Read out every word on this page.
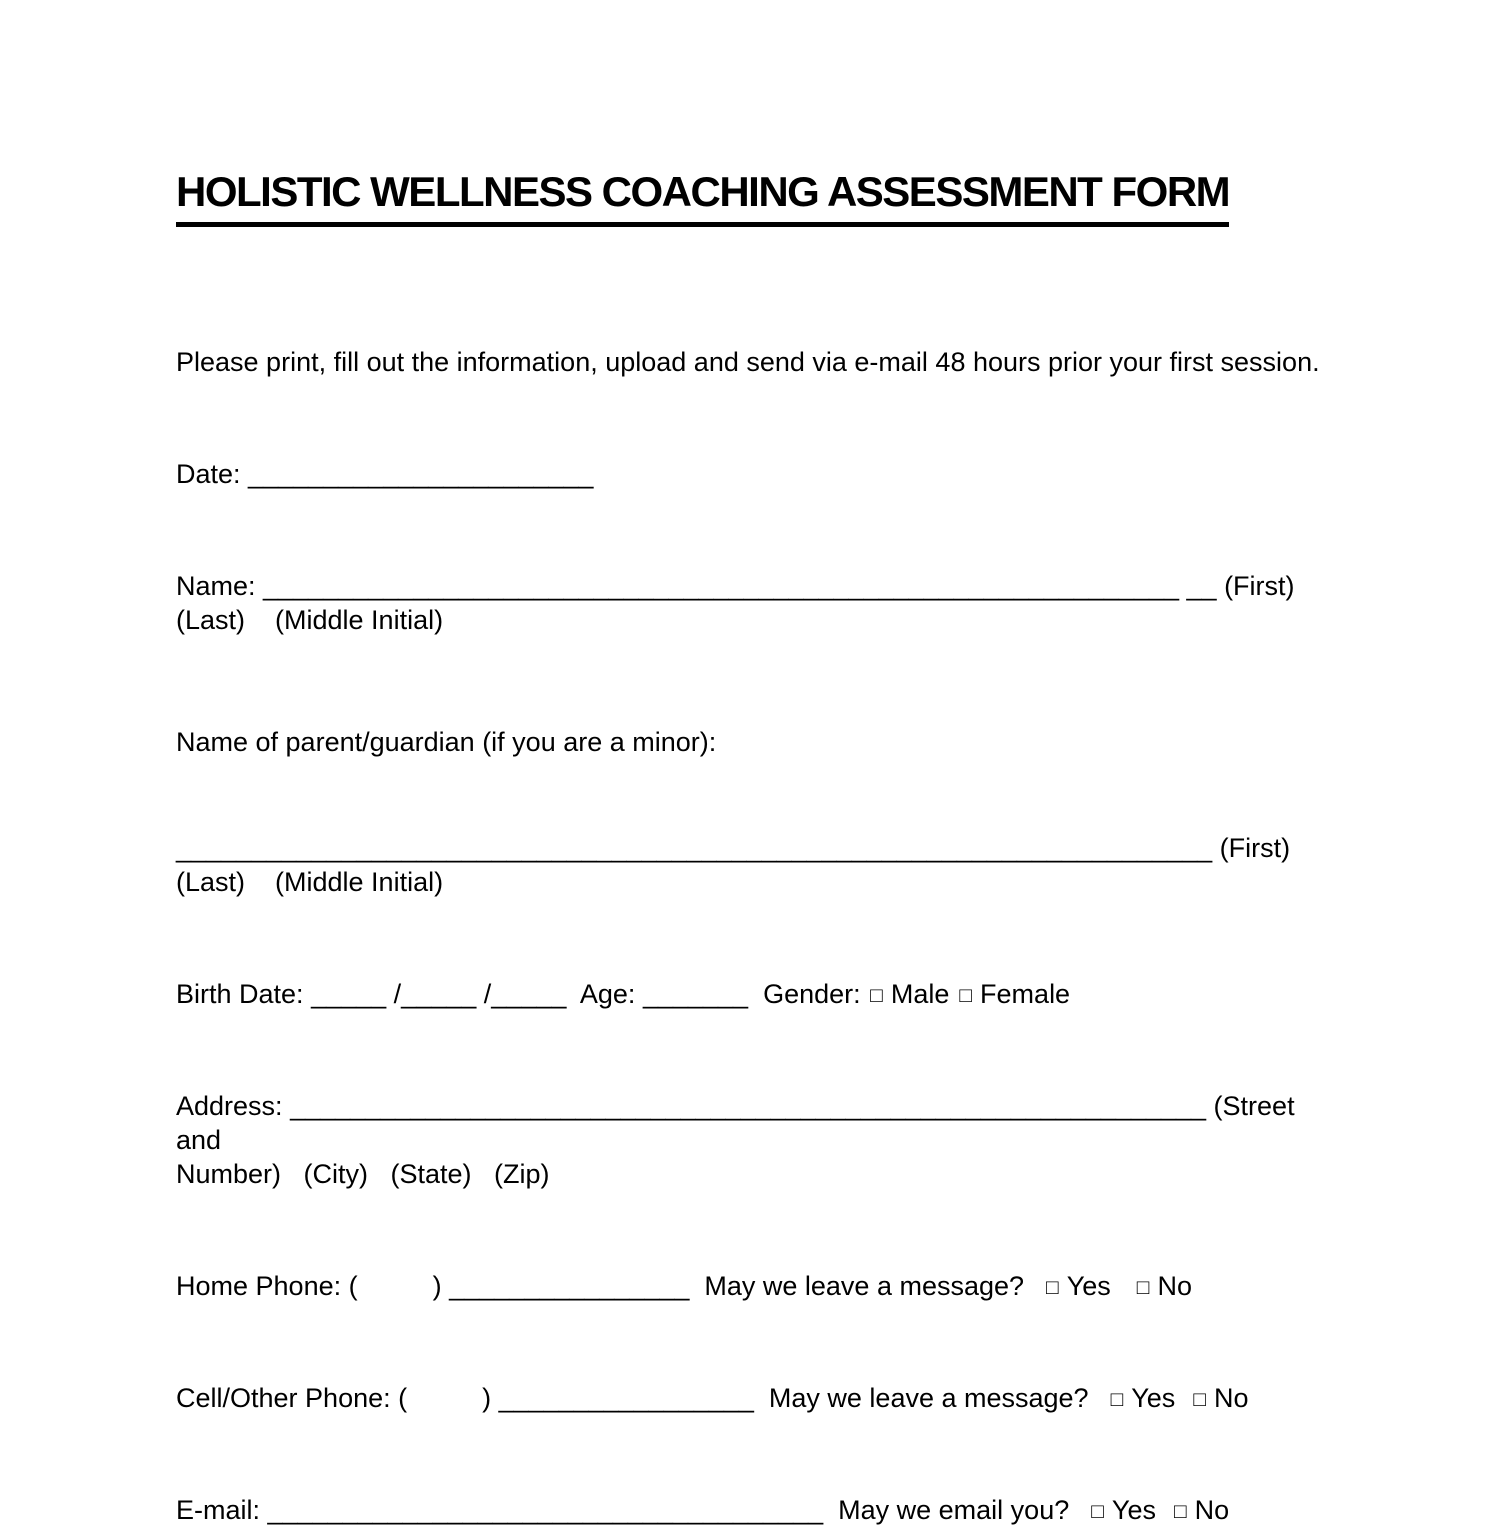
HOLISTIC WELLNESS COACHING ASSESSMENT FORM
Please print, fill out the information, upload and send via e-mail 48 hours prior your first session.
Date: _______________________
Name: _____________________________________________________________ __ (First)
(Last)    (Middle Initial)
Name of parent/guardian (if you are a minor):
_____________________________________________________________________ (First)
(Last)    (Middle Initial)
Birth Date: _____ /_____ /_____  Age: _______  Gender: □ Male □ Female
Address: _____________________________________________________________ (Street and
Number)   (City)   (State)   (Zip)
Home Phone: (          ) ________________  May we leave a message? □ Yes □ No
Cell/Other Phone: (          ) _________________  May we leave a message? □ Yes □ No
E-mail: _____________________________________  May we email you? □ Yes □ No
